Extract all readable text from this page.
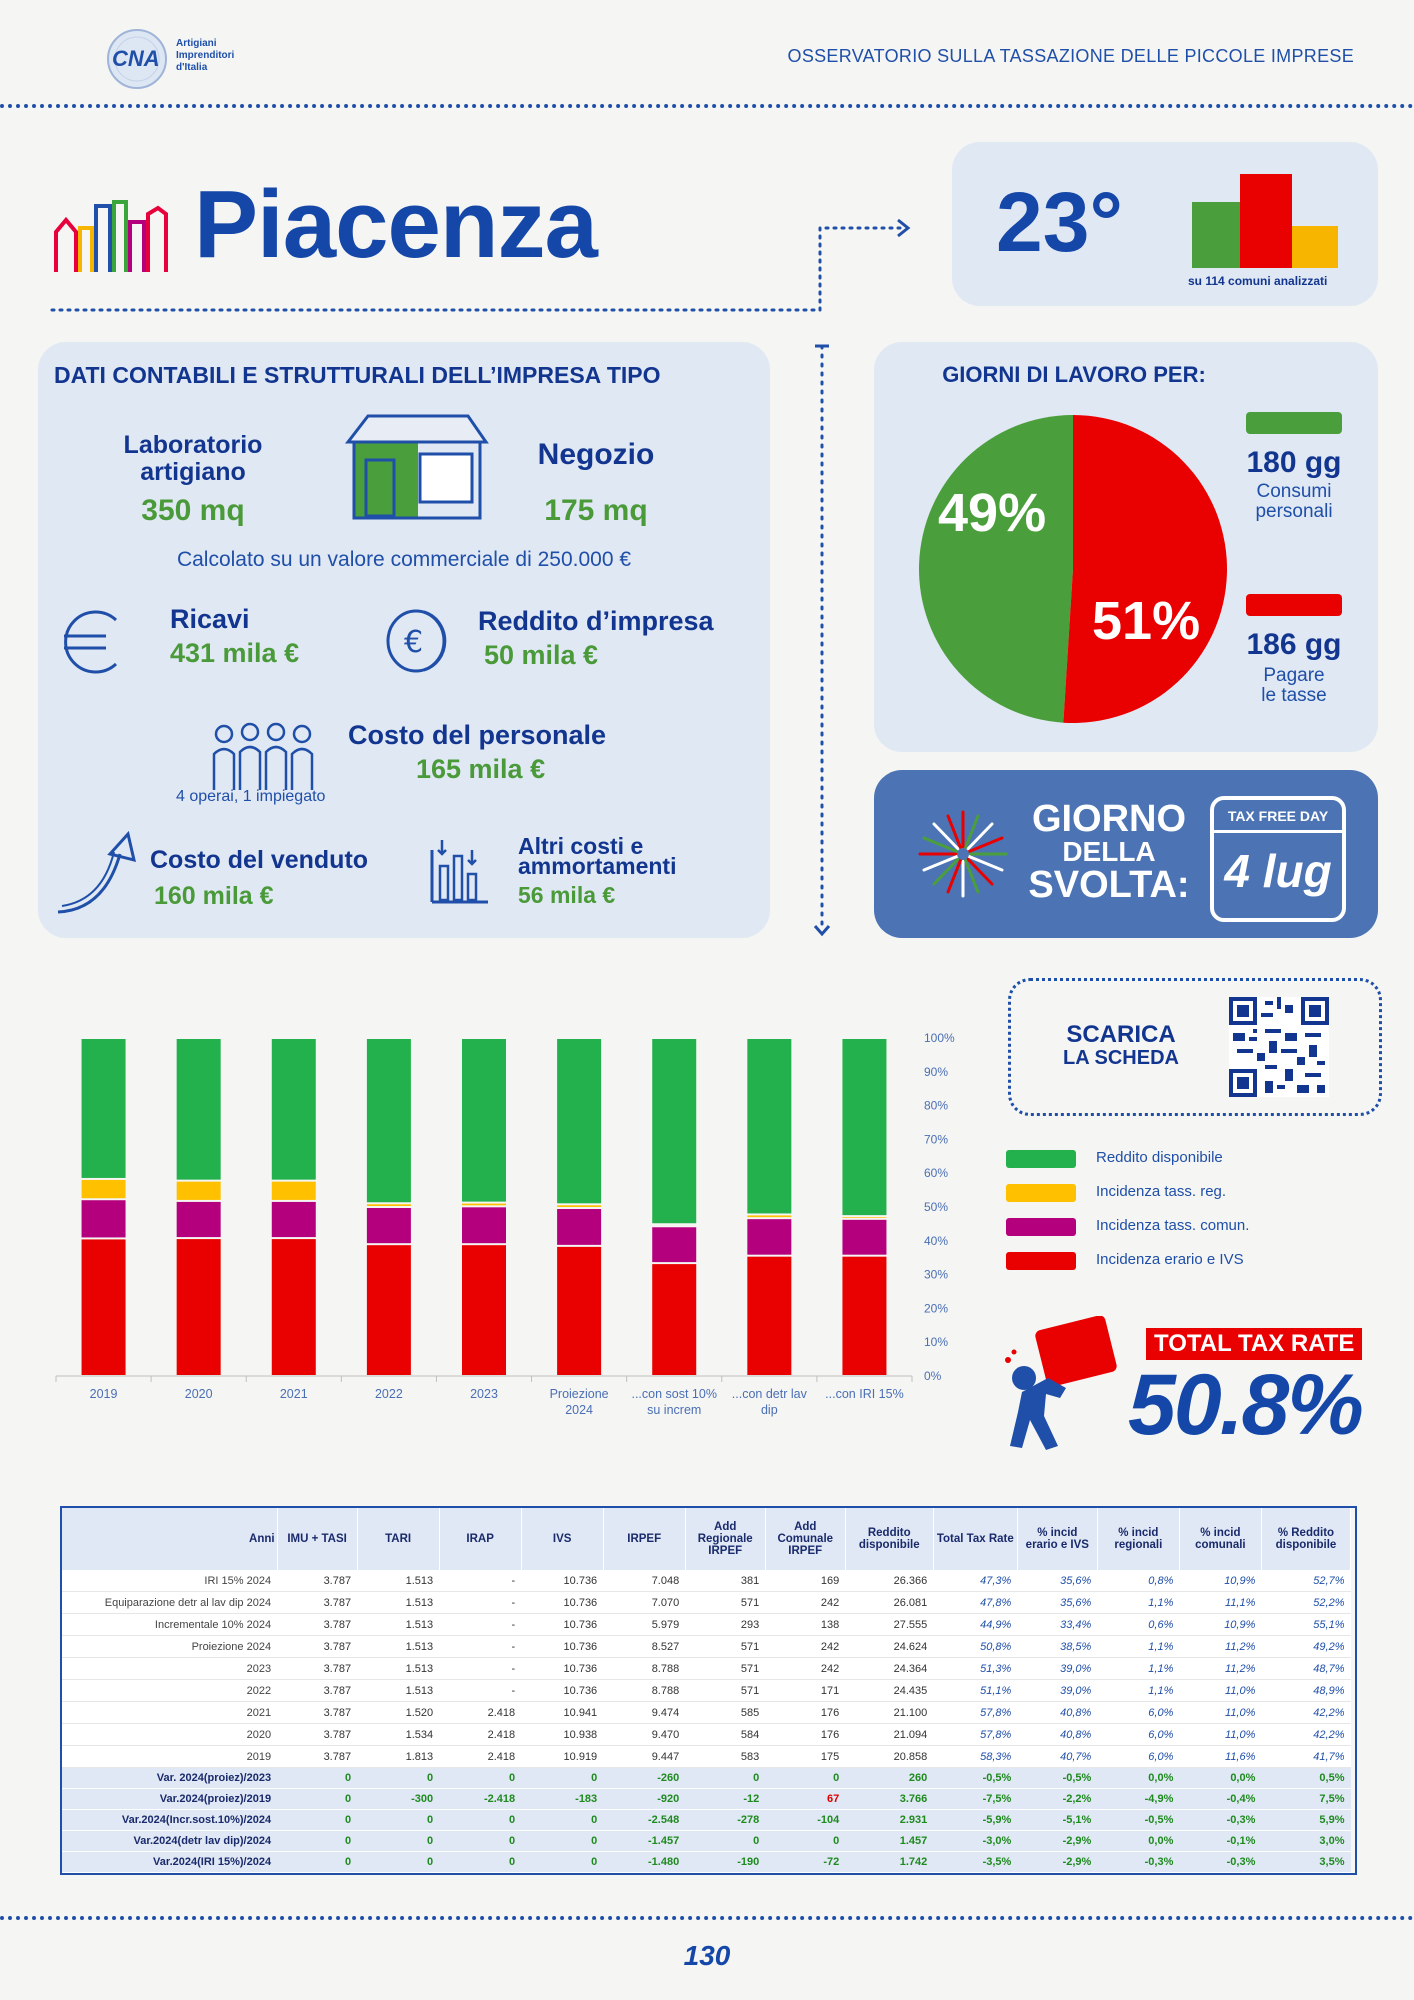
CNA
Artigiani
Imprenditori
d'Italia
OSSERVATORIO SULLA TASSAZIONE DELLE PICCOLE IMPRESE
Piacenza	23°
su 114 comuni analizzati
DATI CONTABILI E STRUTTURALI DELL’IMPRESA TIPO
Laboratorio
artigiano
350 mq
Negozio
175 mq
Calcolato su un valore commerciale di 250.000 €
Ricavi
431 mila €	€
Reddito d’impresa
50 mila €
4 operai, 1 impiegato
Costo del personale
165 mila €
Costo del venduto
160 mila €
Altri costi e
ammortamenti
56 mila €
GIORNI DI LAVORO PER:
49%
51%
180 gg
Consumi
personali
186 gg
Pagare
le tasse
GIORNO
DELLA
SVOLTA:
TAX FREE DAY
4 lug
SCARICA
LA SCHEDA
0%
10%
20%
30%
40%
50%
60%
70%
80%
90%
100%
2019	2020	2021	2022	2023	Proiezione
2024
...con sost 10%
su increm
...con detr lav
dip
...con IRI 15%
Reddito disponibile
Incidenza tass. reg.
Incidenza tass. comun.
Incidenza erario e IVS
TOTAL TAX RATE
50.8%
Anni	IMU + TASI	TARI	IRAP	IVS	IRPEF	Add Regionale IRPEF	Add Comunale IRPEF	Reddito disponibile	Total Tax Rate	% incid erario e IVS	% incid regionali	% incid comunali	% Reddito disponibile
IRI 15% 2024	3.787	1.513	-	10.736	7.048	381	169	26.366	47,3%	35,6%	0,8%	10,9%	52,7%
Equiparazione detr al lav dip 2024	3.787	1.513	-	10.736	7.070	571	242	26.081	47,8%	35,6%	1,1%	11,1%	52,2%
Incrementale 10% 2024	3.787	1.513	-	10.736	5.979	293	138	27.555	44,9%	33,4%	0,6%	10,9%	55,1%
Proiezione 2024	3.787	1.513	-	10.736	8.527	571	242	24.624	50,8%	38,5%	1,1%	11,2%	49,2%
2023	3.787	1.513	-	10.736	8.788	571	242	24.364	51,3%	39,0%	1,1%	11,2%	48,7%
2022	3.787	1.513	-	10.736	8.788	571	171	24.435	51,1%	39,0%	1,1%	11,0%	48,9%
2021	3.787	1.520	2.418	10.941	9.474	585	176	21.100	57,8%	40,8%	6,0%	11,0%	42,2%
2020	3.787	1.534	2.418	10.938	9.470	584	176	21.094	57,8%	40,8%	6,0%	11,0%	42,2%
2019	3.787	1.813	2.418	10.919	9.447	583	175	20.858	58,3%	40,7%	6,0%	11,6%	41,7%
Var. 2024(proiez)/2023	0	0	0	0	-260	0	0	260	-0,5%	-0,5%	0,0%	0,0%	0,5%
Var.2024(proiez)/2019	0	-300	-2.418	-183	-920	-12	67	3.766	-7,5%	-2,2%	-4,9%	-0,4%	7,5%
Var.2024(Incr.sost.10%)/2024	0	0	0	0	-2.548	-278	-104	2.931	-5,9%	-5,1%	-0,5%	-0,3%	5,9%
Var.2024(detr lav dip)/2024	0	0	0	0	-1.457	0	0	1.457	-3,0%	-2,9%	0,0%	-0,1%	3,0%
Var.2024(IRI 15%)/2024	0	0	0	0	-1.480	-190	-72	1.742	-3,5%	-2,9%	-0,3%	-0,3%	3,5%
130
